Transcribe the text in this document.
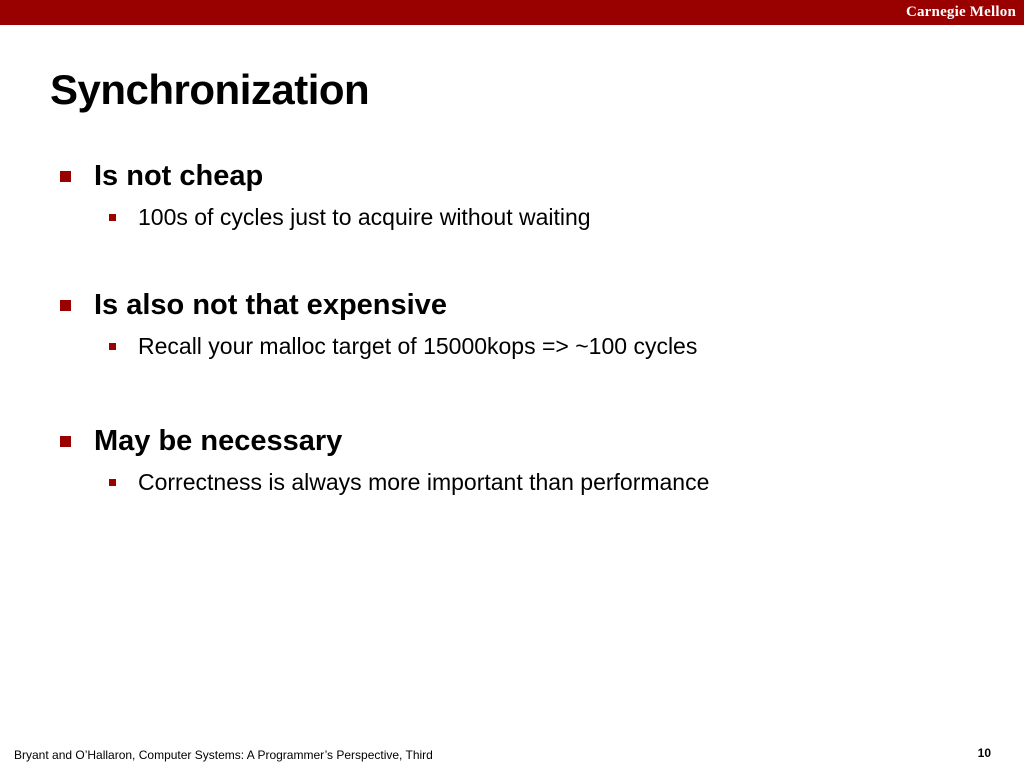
Carnegie Mellon
Synchronization
Is not cheap
100s of cycles just to acquire without waiting
Is also not that expensive
Recall your malloc target of 15000kops => ~100 cycles
May be necessary
Correctness is always more important than performance
Bryant and O’Hallaron, Computer Systems: A Programmer’s Perspective, Third	10
